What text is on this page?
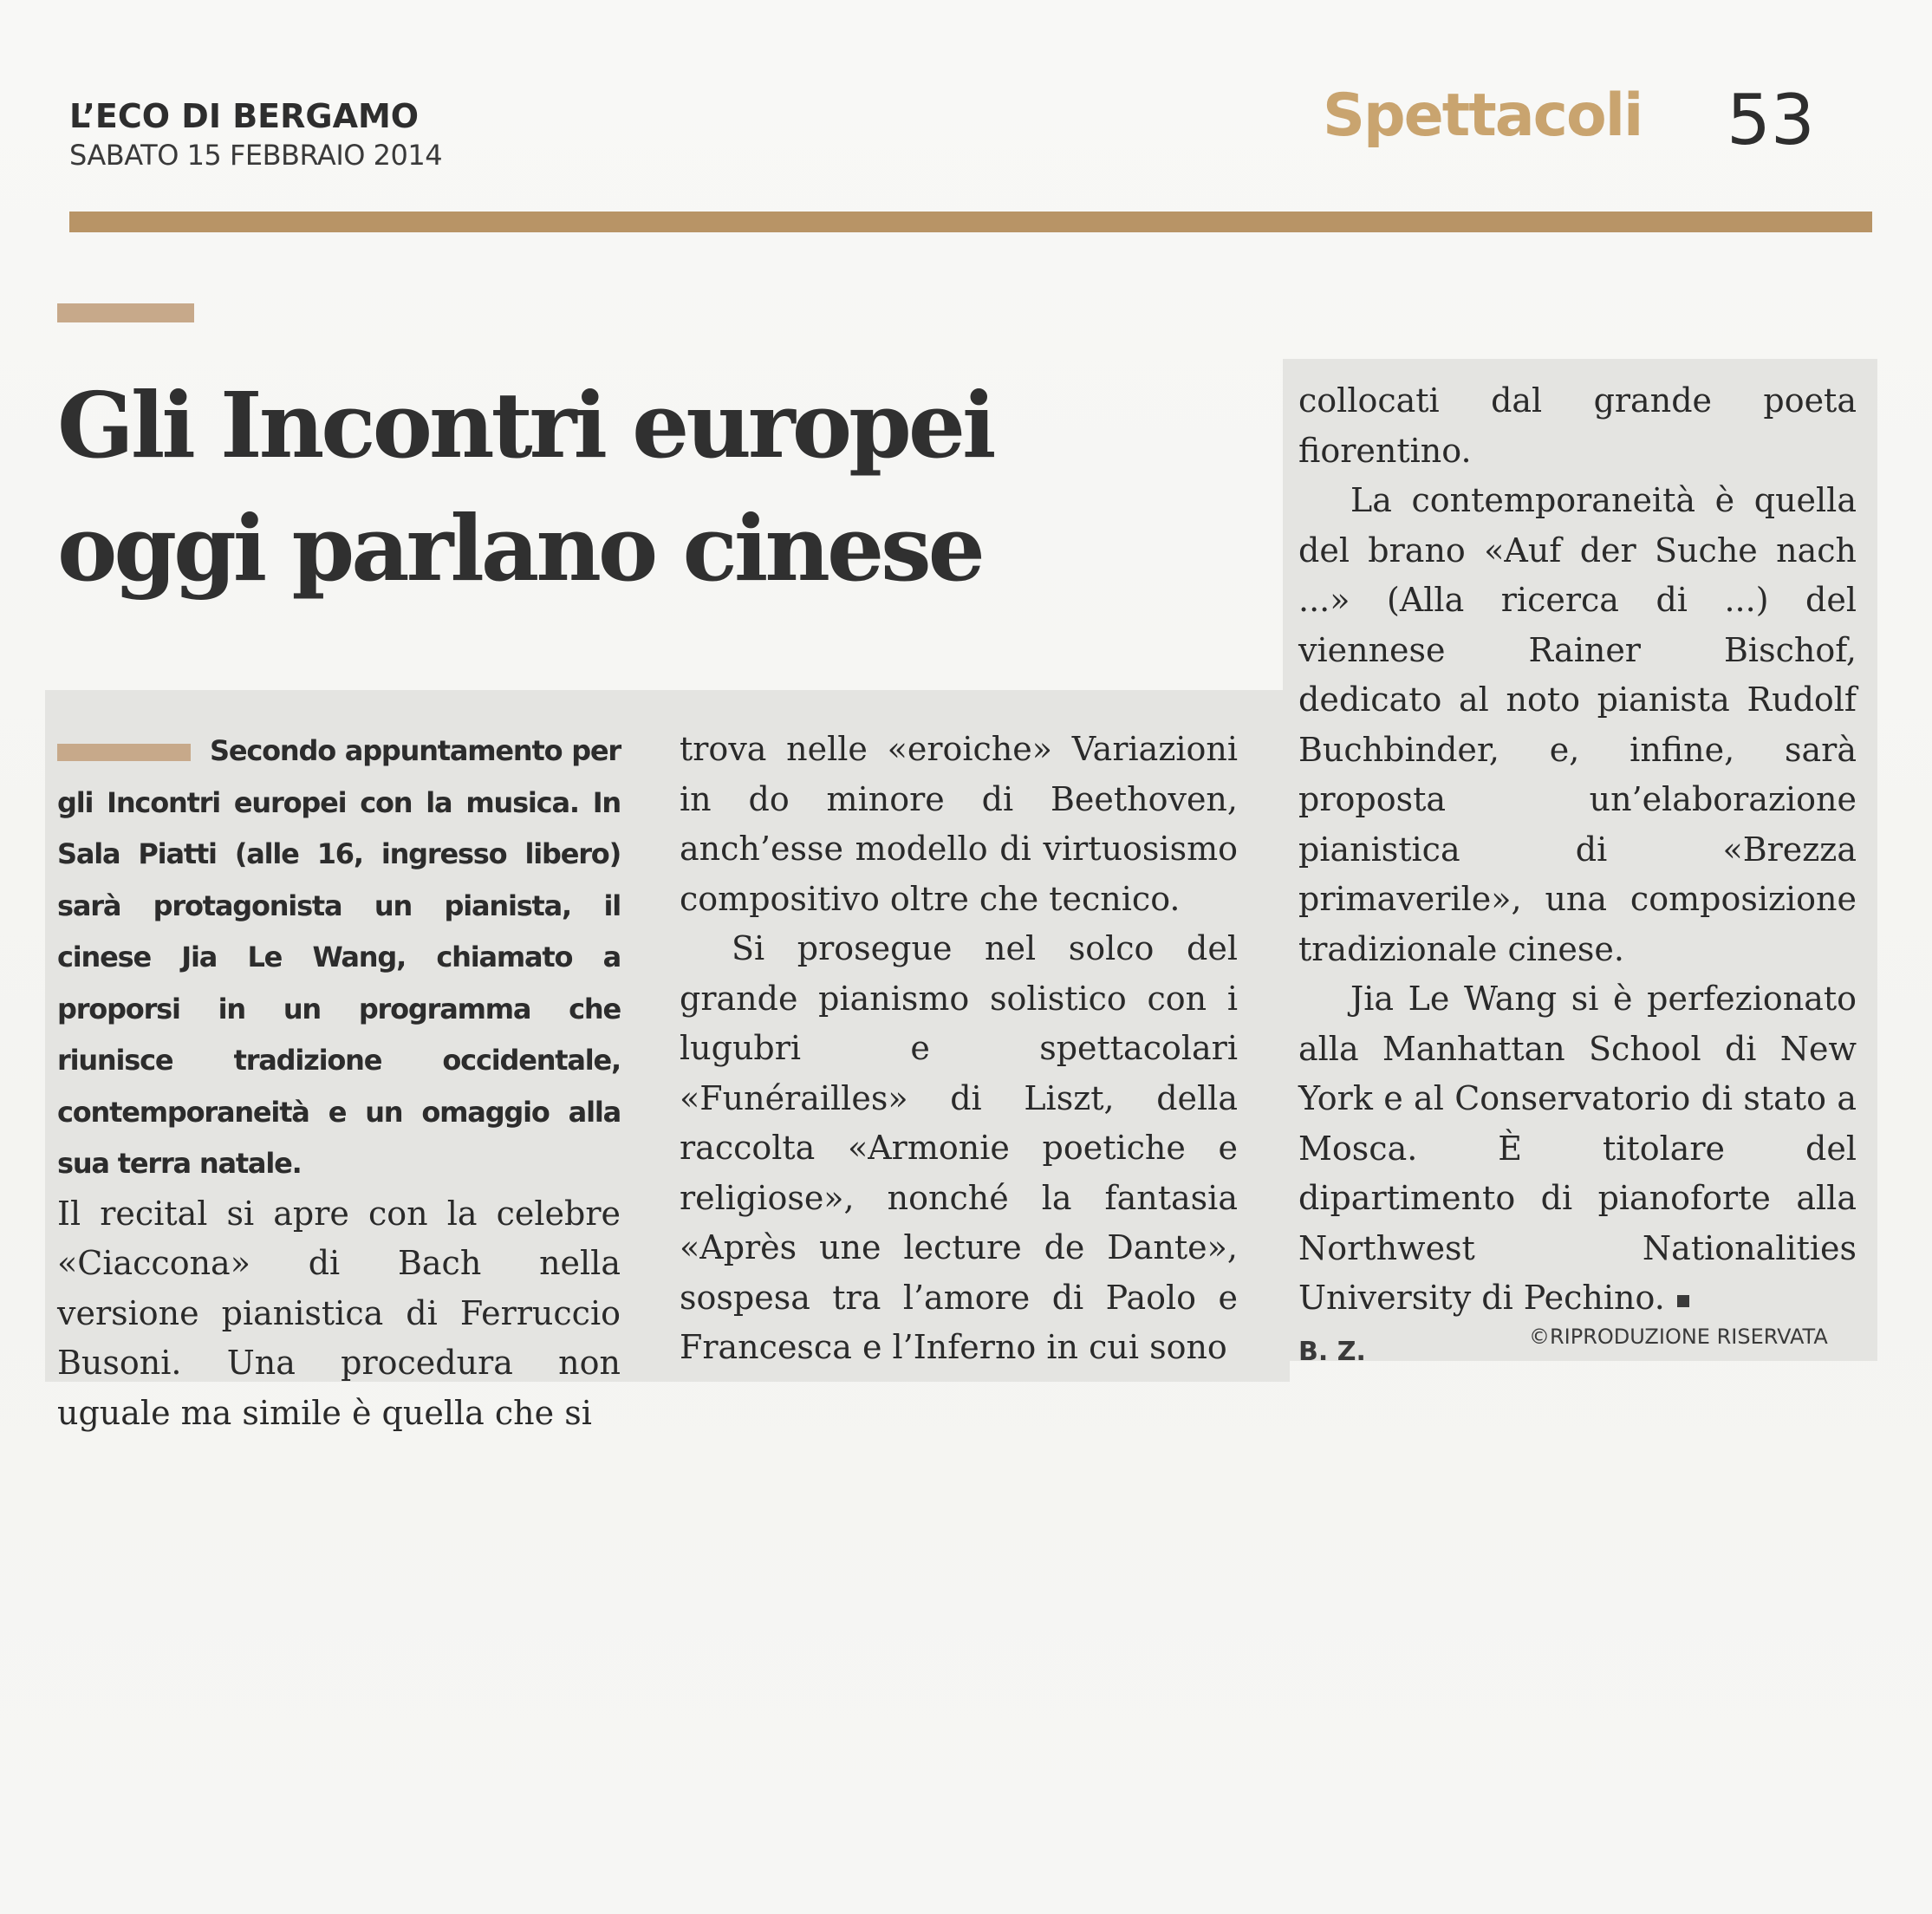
L’ECO DI BERGAMO
SABATO 15 FEBBRAIO 2014
Spettacoli 53
Gli Incontri europei oggi parlano cinese

Secondo appuntamento per gli Incontri europei con la musica. In Sala Piatti (alle 16, ingresso libero) sarà protagonista un pianista, il cinese Jia Le Wang, chiamato a proporsi in un programma che riunisce tradizione occidentale, contemporaneità e un omaggio alla sua terra natale.

Il recital si apre con la celebre «Ciaccona» di Bach nella versione pianistica di Ferruccio Busoni. Una procedura non uguale ma simile è quella che si

trova nelle «eroiche» Variazioni in do minore di Beethoven, anch’esse modello di virtuosismo compositivo oltre che tecnico.

Si prosegue nel solco del grande pianismo solistico con i lugubri e spettacolari «Funérailles» di Liszt, della raccolta «Armonie poetiche e religiose», nonché la fantasia «Après une lecture de Dante», sospesa tra l’amore di Paolo e Francesca e l’Inferno in cui sono

collocati dal grande poeta fiorentino.

La contemporaneità è quella del brano «Auf der Suche nach ...» (Alla ricerca di ...) del viennese Rainer Bischof, dedicato al noto pianista Rudolf Buchbinder, e, infine, sarà proposta un’elaborazione pianistica di «Brezza primaverile», una composizione tradizionale cinese.

Jia Le Wang si è perfezionato alla Manhattan School di New York e al Conservatorio di stato a Mosca. È titolare del dipartimento di pianoforte alla Northwest Nationalities University di Pechino.

B. Z.	©RIPRODUZIONE RISERVATA
